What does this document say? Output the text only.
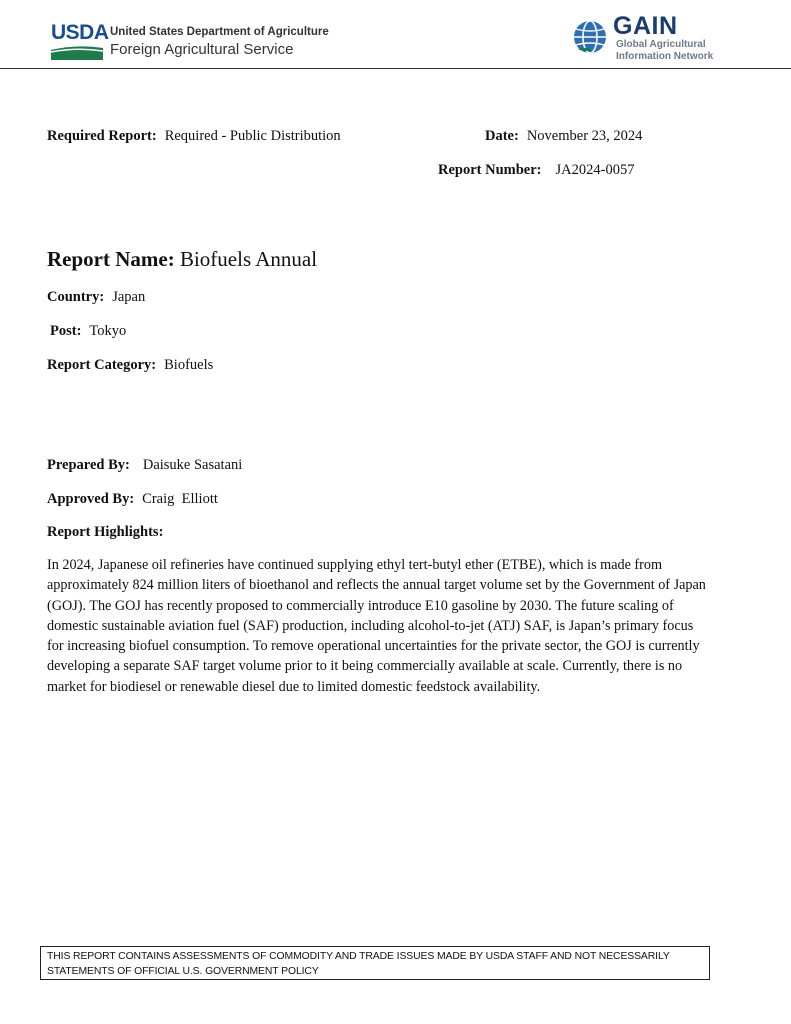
USDA United States Department of Agriculture
Foreign Agricultural Service
GAIN
Global Agricultural
Information Network
Required Report: Required - Public Distribution	Date: November 23, 2024
Report Number: JA2024-0057
Report Name: Biofuels Annual
Country: Japan
Post: Tokyo
Report Category: Biofuels
Prepared By: Daisuke Sasatani
Approved By: Craig  Elliott
Report Highlights:
In 2024, Japanese oil refineries have continued supplying ethyl tert-butyl ether (ETBE), which is made from approximately 824 million liters of bioethanol and reflects the annual target volume set by the Government of Japan (GOJ). The GOJ has recently proposed to commercially introduce E10 gasoline by 2030. The future scaling of domestic sustainable aviation fuel (SAF) production, including alcohol-to-jet (ATJ) SAF, is Japan’s primary focus for increasing biofuel consumption. To remove operational uncertainties for the private sector, the GOJ is currently developing a separate SAF target volume prior to it being commercially available at scale. Currently, there is no market for biodiesel or renewable diesel due to limited domestic feedstock availability.
THIS REPORT CONTAINS ASSESSMENTS OF COMMODITY AND TRADE ISSUES MADE BY USDA STAFF AND NOT NECESSARILY
STATEMENTS OF OFFICIAL U.S. GOVERNMENT POLICY
